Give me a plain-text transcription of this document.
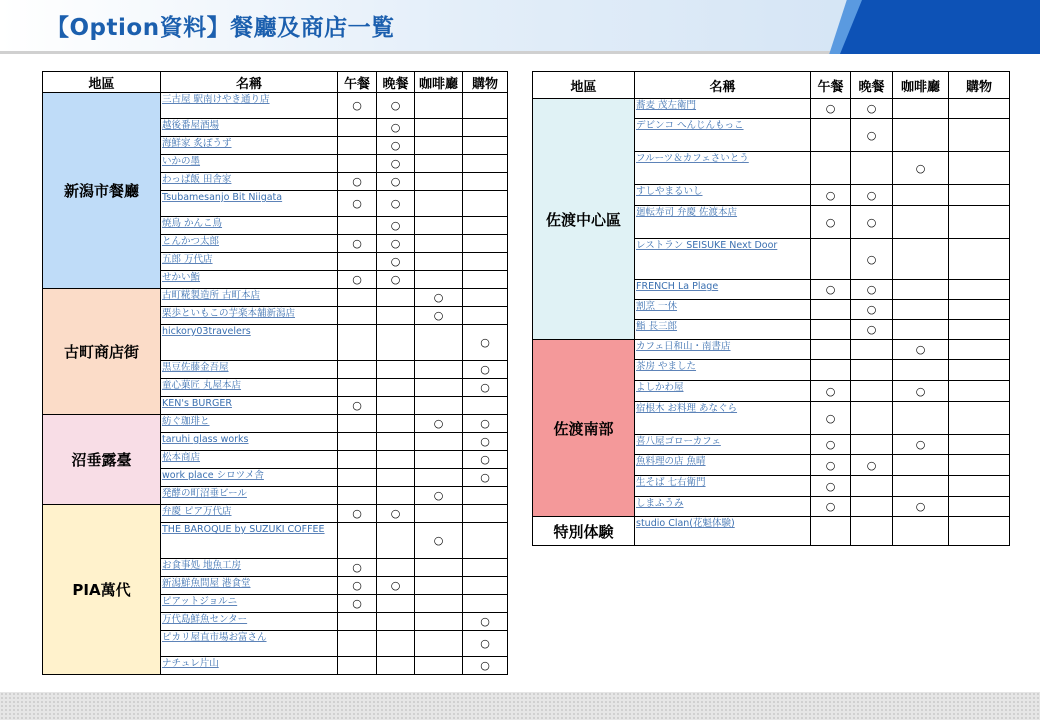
【Option資料】餐廳及商店一覧
地區	名稱	午餐	晚餐	咖啡廳	購物
新潟市餐廳	三古屋 駅南けやき通り店	○	○		
	越後番屋酒場		○		
	海鮮家 炙ぽうず		○		
	いかの墨		○		
	わっぱ飯 田舎家	○	○		
	Tsubamesanjo Bit Niigata	○	○		
	焼鳥 かんこ鳥		○		
	とんかつ太郎	○	○		
	五郎 万代店		○		
	せかい鮨	○	○		
古町商店街	古町糀製造所 古町本店			○	
	栗歩といもこの芋楽本舗新潟店			○	
	hickory03travelers				○
	黒豆佐藤金吾屋				○
	童心菓匠 丸屋本店				○
	KEN's BURGER	○			
沼垂露臺	紡ぐ珈琲と			○	○
	taruhi glass works				○
	松本商店				○
	work place シロツメ舎				○
	発酵の町沼垂ビール			○	
PIA萬代	弁慶 ピア万代店	○	○		
	THE BAROQUE by SUZUKI COFFEE			○	
	お食事処 地魚工房	○			
	新潟鮮魚問屋 港食堂	○	○		
	ピアットジョルニ	○			
	万代島鮮魚センター				○
	ピカリ屋直市場お富さん				○
	ナチュレ片山				○
地區	名稱	午餐	晚餐	咖啡廳	購物
佐渡中心區	蕎麦 茂左衛門	○	○		
	デビンコ へんじんもっこ		○		
	フルーツ＆カフェさいとう			○	
	すしやまるいし	○	○		
	廻転寿司 弁慶 佐渡本店	○	○		
	レストラン SEISUKE Next Door		○		
	FRENCH La Plage	○	○		
	割烹 一休		○		
	鮨 長三郎		○		
佐渡南部	カフェ日和山・南書店			○	
	茶房 やました				
	よしかわ屋	○		○	
	宿根木 お料理 あなぐら	○			
	喜八屋ゴローカフェ	○		○	
	魚料理の店 魚晴	○	○		
	生そば 七右衛門	○			
	しまふうみ	○		○	
特別体験	studio Clan(花魁体験)				
